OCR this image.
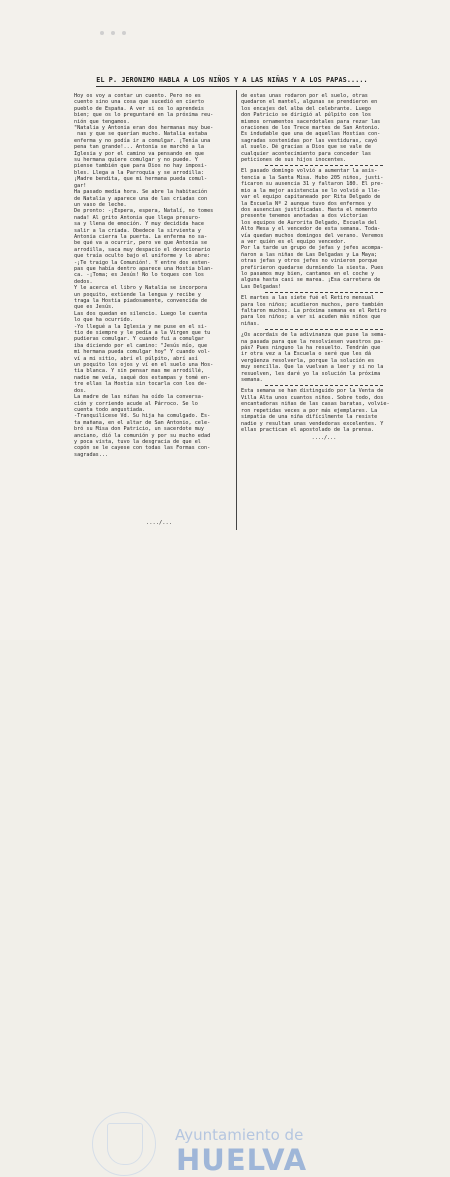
EL P. JERONIMO HABLA A LOS NIÑOS Y A LAS NIÑAS Y A LOS PAPAS.....
Hoy os voy a contar un cuento. Pero no es
cuento sino una cosa que sucedió en cierto
pueblo de España. A ver si os lo aprendeis
bien; que os lo preguntaré en la próxima reu-
nión que tengamos.
"Natalia y Antonia eran dos hermanas muy bue-
nas y que se querían mucho. Natalia estaba
enferma y no podía ir a comulgar. ¡Tenía una
pena tan grande!... Antonia se marchó a la
Iglesia y por el camino va pensando en que
su hermana quiere comulgar y no puede. Y
piense también que para Dios no hay imposi-
bles. Llega a la Parroquia y se arrodilla:
¡Madre bendita, que mi hermana pueda comul-
gar!
Ha pasado media hora. Se abre la habitación
de Natalia y aparece una de las criadas con
un vaso de leche.
De pronto: -¡Espera, espera, Natalí, no tomes
nada! Al grito Antonia que llega presuro-
sa y llena de emoción. Y muy decidida hace
salir a la criada. Obedece la sirvienta y
Antonia cierra la puerta. La enferma no sa-
be qué va a ocurrir, pero ve que Antonia se
arrodilla, saca muy despacio el devocionario
que traía oculto bajo el uniforme y lo abre:
-¡Te traigo la Comunión!. Y entre dos esten-
pas que había dentro aparece una Hostia blan-
ca. -¡Toma; es Jesús! No lo toques con los
dedos.
Y le acerca el libro y Natalia se incorpora
un poquito, extiende la lengua y recibe y
traga la Hostia piadosamente, convencida de
que es Jesús.
Las dos quedan en silencio. Luego le cuenta
lo que ha ocurrido.
-Yo llegué a la Iglesia y me puse en el si-
tio de siempre y le pedía a la Virgen que tu
pudieras comulgar. Y cuando fui a comulgar
iba diciendo por el camino: "Jesús mío, que
mi hermana pueda comulgar hoy" Y cuando vol-
ví a mi sitio, abrí el púlpito, abrí así
un poquito los ojos y ví en el suelo una Hos-
tia blanca. Y sin pensar mas me arrodillé,
nadie me veía, saqué dos estampas y tomé en-
tre ellas la Hostia sin tocarla con los de-
dos.
La madre de las niñas ha oído la conversa-
ción y corriendo acude al Párroco. Se lo
cuenta todo angustiada.
-Tranquilícese Vd. Su hija ha comulgado. Es-
ta mañana, en el altar de San Antonio, cele-
bró su Misa don Patricio, un sacerdote muy
anciano, dió la comunión y por su mucho edad
y poca vista, tuvo la desgracia de que el
copón se le cayese con todas las Formas con-
sagradas...
de estas unas rodaron por el suelo, otras
quedaron el mantel, algunas se prendieron en
los encajes del alba del celebrante. Luego
don Patricio se dirigió al púlpito con los
mismos ornamentos sacerdotales para rezar las
oraciones de los Trece martes de San Antonio.
Es indudable que una de aquellas Hostias con-
sagradas sostenidas por las vestiduras, cayó
al suelo. Dé gracias a Dios que se vale de
cualquier acontecimiento para conceder las
peticiones de sus hijos inocentes.
El pasado domingo volvió a aumentar la asis-
tencia a la Santa Misa. Hubo 205 niños, justi-
ficaron su ausencia 31 y faltaron 180. El pre-
mio a la mejor asistencia se lo volvió a lle-
var el equipo capitaneado por Rita Delgado de
la Escuela Nº 2 aunque tuvo dos enfermos y
dos ausencias justificadas. Hasta el momento
presente tenemos anotadas a dos victorias
los equipos de Aurorita Delgado, Escuela del
Alto Mesa y el vencedor de esta semana. Toda-
vía quedan muchos domingos del verano. Veremos
a ver quién es el equipo vencedor.
Por la tarde un grupo de jefas y jefes acompa-
ñaron a las niñas de Las Delgadas y La Maya;
otras jefas y otros jefes no vinieron porque
prefirieron quedarse durmiendo la siesta. Pues
lo pasamos muy bien, cantamos en el coche y
alguna hasta casi se marea. ¡Esa carretera de
Las Delgadas!
El martes a las siete fué el Retiro mensual
para los niños; acudieron muchos, pero también
faltaron muchos. La próxima semana es el Retiro
para los niños; a ver si acuden más niños que
niñas.
¿Os acordais de la adivinanza que puse la sema-
na pasada para que la resolviesen vuestros pa-
pás? Pues ninguno la ha resuelto. Tendrán que
ir otra vez a la Escuela o seré que les dá
vergüenza resolverla, porque la solución es
muy sencilla. Que la vuelvan a leer y si no la
resuelven, les daré yo la solución la próxima
semana.
Esta semana se han distinguido por la Venta de
Villa Alta unos cuantos niños. Sobre todo, dos
encantadoras niñas de las casas baratas, volvie-
ron repetidas veces a por más ejemplares. La
simpatía de una niña difícilmente la resiste
nadie y resultan unas vendedoras excelentes. Y
ellas practican el apostolado de la prensa.
..../...
..../...
Ayuntamiento de
HUELVA
